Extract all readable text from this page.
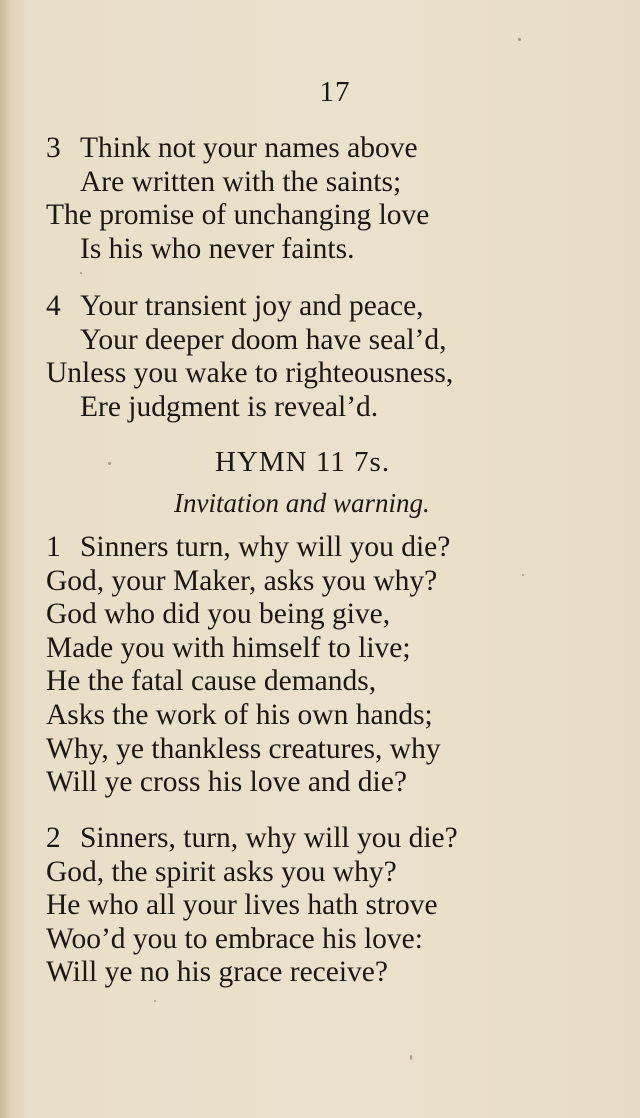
17
3 Think not your names above
Are written with the saints;
The promise of unchanging love
Is his who never faints.
4 Your transient joy and peace,
Your deeper doom have seal’d,
Unless you wake to righteousness,
Ere judgment is reveal’d.
HYMN 11 7s.
Invitation and warning.
1 Sinners turn, why will you die?
God, your Maker, asks you why?
God who did you being give,
Made you with himself to live;
He the fatal cause demands,
Asks the work of his own hands;
Why, ye thankless creatures, why
Will ye cross his love and die?
2 Sinners, turn, why will you die?
God, the spirit asks you why?
He who all your lives hath strove
Woo’d you to embrace his love:
Will ye no his grace receive?
